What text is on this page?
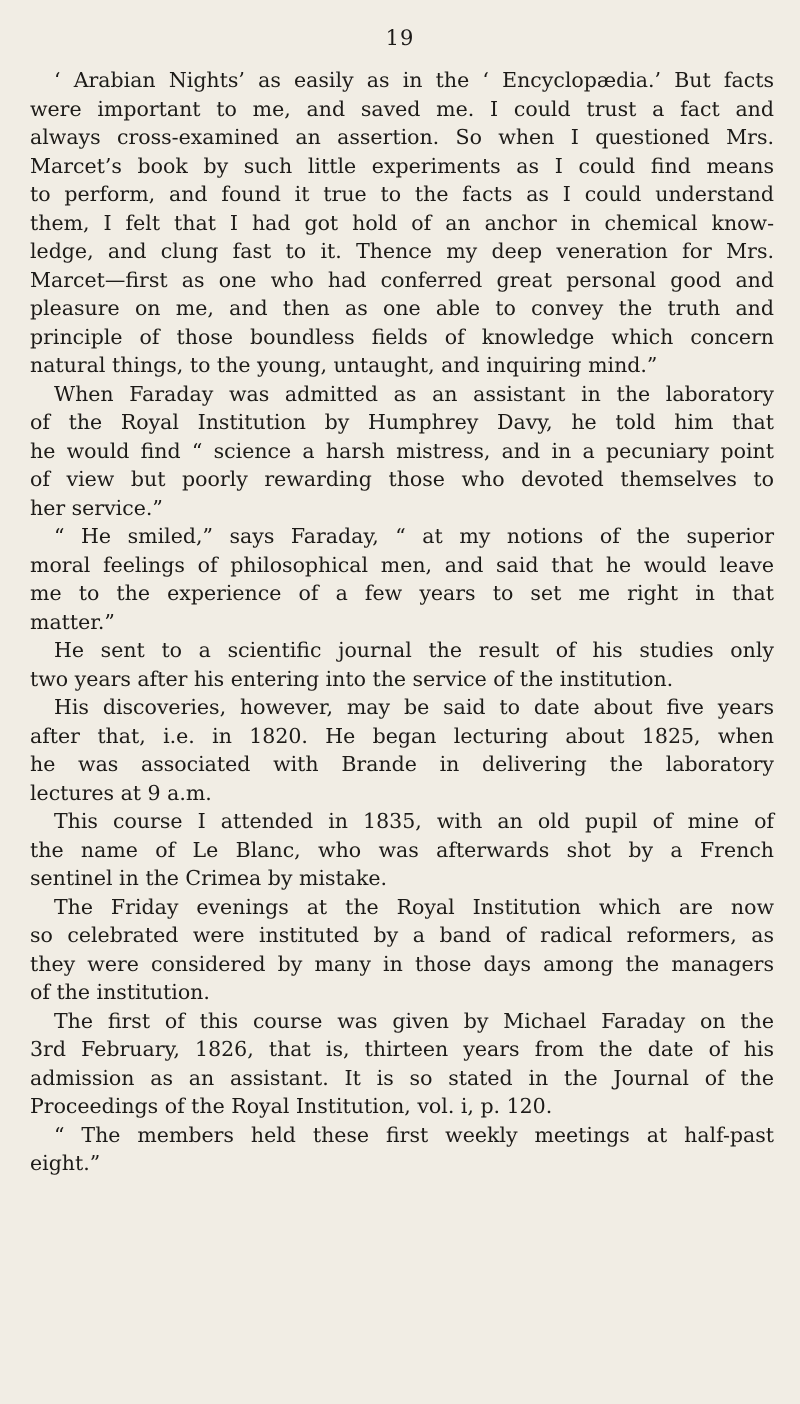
19
‘ Arabian Nights’ as easily as in the ‘ Encyclopædia.’ But facts
were important to me, and saved me. I could trust a fact and
always cross-examined an assertion. So when I questioned Mrs.
Marcet’s book by such little experiments as I could find means
to perform, and found it true to the facts as I could understand
them, I felt that I had got hold of an anchor in chemical know-
ledge, and clung fast to it. Thence my deep veneration for Mrs.
Marcet—first as one who had conferred great personal good and
pleasure on me, and then as one able to convey the truth and
principle of those boundless fields of knowledge which concern
natural things, to the young, untaught, and inquiring mind.”
When Faraday was admitted as an assistant in the laboratory
of the Royal Institution by Humphrey Davy, he told him that
he would find “ science a harsh mistress, and in a pecuniary point
of view but poorly rewarding those who devoted themselves to
her service.”
“ He smiled,” says Faraday, “ at my notions of the superior
moral feelings of philosophical men, and said that he would leave
me to the experience of a few years to set me right in that
matter.”
He sent to a scientific journal the result of his studies only
two years after his entering into the service of the institution.
His discoveries, however, may be said to date about five years
after that, i.e. in 1820. He began lecturing about 1825, when
he was associated with Brande in delivering the laboratory
lectures at 9 a.m.
This course I attended in 1835, with an old pupil of mine of
the name of Le Blanc, who was afterwards shot by a French
sentinel in the Crimea by mistake.
The Friday evenings at the Royal Institution which are now
so celebrated were instituted by a band of radical reformers, as
they were considered by many in those days among the managers
of the institution.
The first of this course was given by Michael Faraday on the
3rd February, 1826, that is, thirteen years from the date of his
admission as an assistant. It is so stated in the Journal of the
Proceedings of the Royal Institution, vol. i, p. 120.
“ The members held these first weekly meetings at half-past
eight.”
